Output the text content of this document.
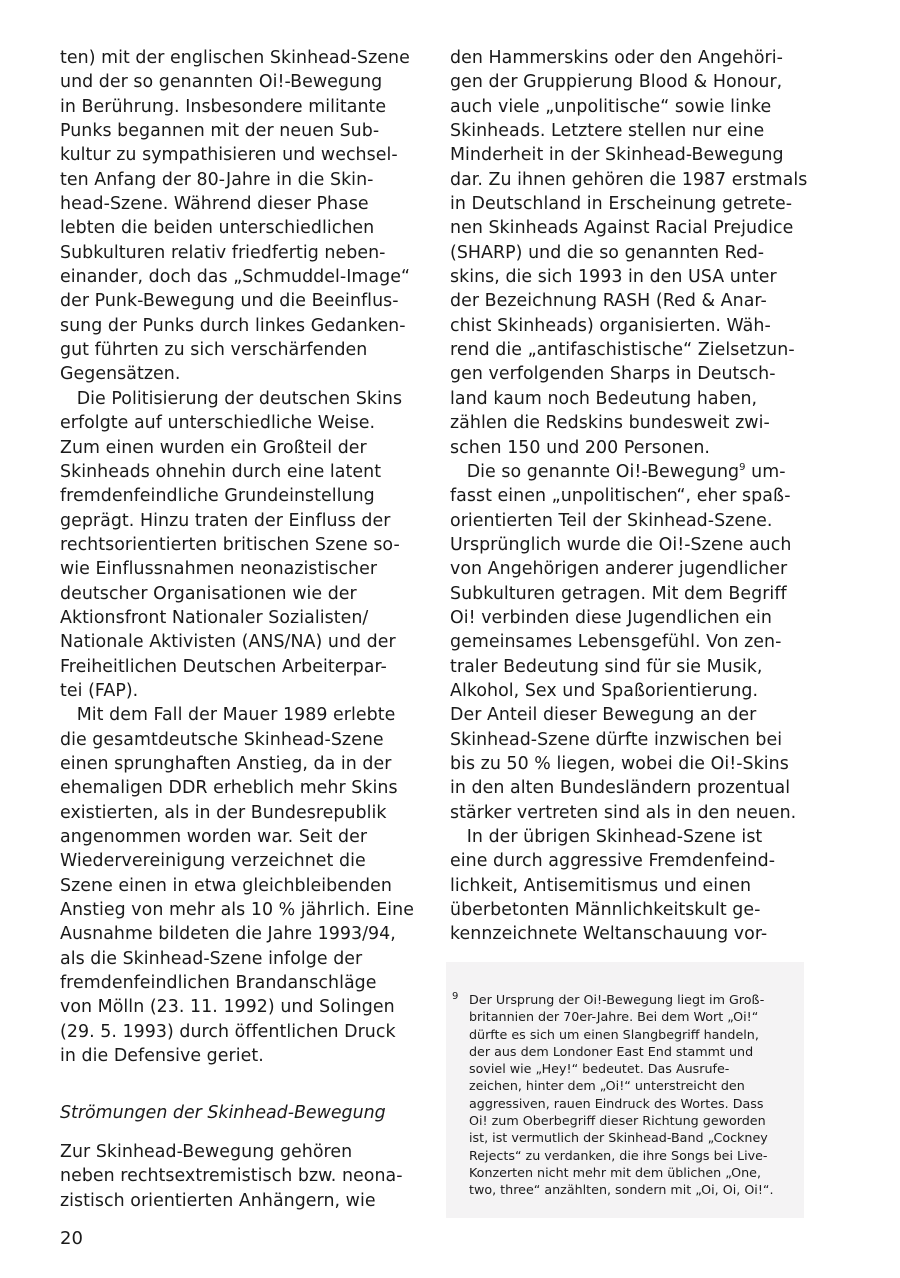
ten) mit der englischen Skinhead-Szene
und der so genannten Oi!-Bewegung
in Berührung. Insbesondere militante
Punks begannen mit der neuen Sub-
kultur zu sympathisieren und wechsel-
ten Anfang der 80-Jahre in die Skin-
head-Szene. Während dieser Phase
lebten die beiden unterschiedlichen
Subkulturen relativ friedfertig neben-
einander, doch das „Schmuddel-Image“
der Punk-Bewegung und die Beeinflus-
sung der Punks durch linkes Gedanken-
gut führten zu sich verschärfenden
Gegensätzen.
Die Politisierung der deutschen Skins
erfolgte auf unterschiedliche Weise.
Zum einen wurden ein Großteil der
Skinheads ohnehin durch eine latent
fremdenfeindliche Grundeinstellung
geprägt. Hinzu traten der Einfluss der
rechtsorientierten britischen Szene so-
wie Einflussnahmen neonazistischer
deutscher Organisationen wie der
Aktionsfront Nationaler Sozialisten/
Nationale Aktivisten (ANS/NA) und der
Freiheitlichen Deutschen Arbeiterpar-
tei (FAP).
Mit dem Fall der Mauer 1989 erlebte
die gesamtdeutsche Skinhead-Szene
einen sprunghaften Anstieg, da in der
ehemaligen DDR erheblich mehr Skins
existierten, als in der Bundesrepublik
angenommen worden war. Seit der
Wiedervereinigung verzeichnet die
Szene einen in etwa gleichbleibenden
Anstieg von mehr als 10 % jährlich. Eine
Ausnahme bildeten die Jahre 1993/94,
als die Skinhead-Szene infolge der
fremdenfeindlichen Brandanschläge
von Mölln (23. 11. 1992) und Solingen
(29. 5. 1993) durch öffentlichen Druck
in die Defensive geriet.
Strömungen der Skinhead-Bewegung
Zur Skinhead-Bewegung gehören
neben rechtsextremistisch bzw. neona-
zistisch orientierten Anhängern, wie
den Hammerskins oder den Angehöri-
gen der Gruppierung Blood & Honour,
auch viele „unpolitische“ sowie linke
Skinheads. Letztere stellen nur eine
Minderheit in der Skinhead-Bewegung
dar. Zu ihnen gehören die 1987 erstmals
in Deutschland in Erscheinung getrete-
nen Skinheads Against Racial Prejudice
(SHARP) und die so genannten Red-
skins, die sich 1993 in den USA unter
der Bezeichnung RASH (Red & Anar-
chist Skinheads) organisierten. Wäh-
rend die „antifaschistische“ Zielsetzun-
gen verfolgenden Sharps in Deutsch-
land kaum noch Bedeutung haben,
zählen die Redskins bundesweit zwi-
schen 150 und 200 Personen.
Die so genannte Oi!-Bewegung$^9$ um-
fasst einen „unpolitischen“, eher spaß-
orientierten Teil der Skinhead-Szene.
Ursprünglich wurde die Oi!-Szene auch
von Angehörigen anderer jugendlicher
Subkulturen getragen. Mit dem Begriff
Oi! verbinden diese Jugendlichen ein
gemeinsames Lebensgefühl. Von zen-
traler Bedeutung sind für sie Musik,
Alkohol, Sex und Spaßorientierung.
Der Anteil dieser Bewegung an der
Skinhead-Szene dürfte inzwischen bei
bis zu 50 % liegen, wobei die Oi!-Skins
in den alten Bundesländern prozentual
stärker vertreten sind als in den neuen.
In der übrigen Skinhead-Szene ist
eine durch aggressive Fremdenfeind-
lichkeit, Antisemitismus und einen
überbetonten Männlichkeitskult ge-
kennzeichnete Weltanschauung vor-
9 Der Ursprung der Oi!-Bewegung liegt im Groß-
britannien der 70er-Jahre. Bei dem Wort „Oi!“
dürfte es sich um einen Slangbegriff handeln,
der aus dem Londoner East End stammt und
soviel wie „Hey!“ bedeutet. Das Ausrufe-
zeichen, hinter dem „Oi!“ unterstreicht den
aggressiven, rauen Eindruck des Wortes. Dass
Oi! zum Oberbegriff dieser Richtung geworden
ist, ist vermutlich der Skinhead-Band „Cockney
Rejects“ zu verdanken, die ihre Songs bei Live-
Konzerten nicht mehr mit dem üblichen „One,
two, three“ anzählten, sondern mit „Oi, Oi, Oi!“.
20
